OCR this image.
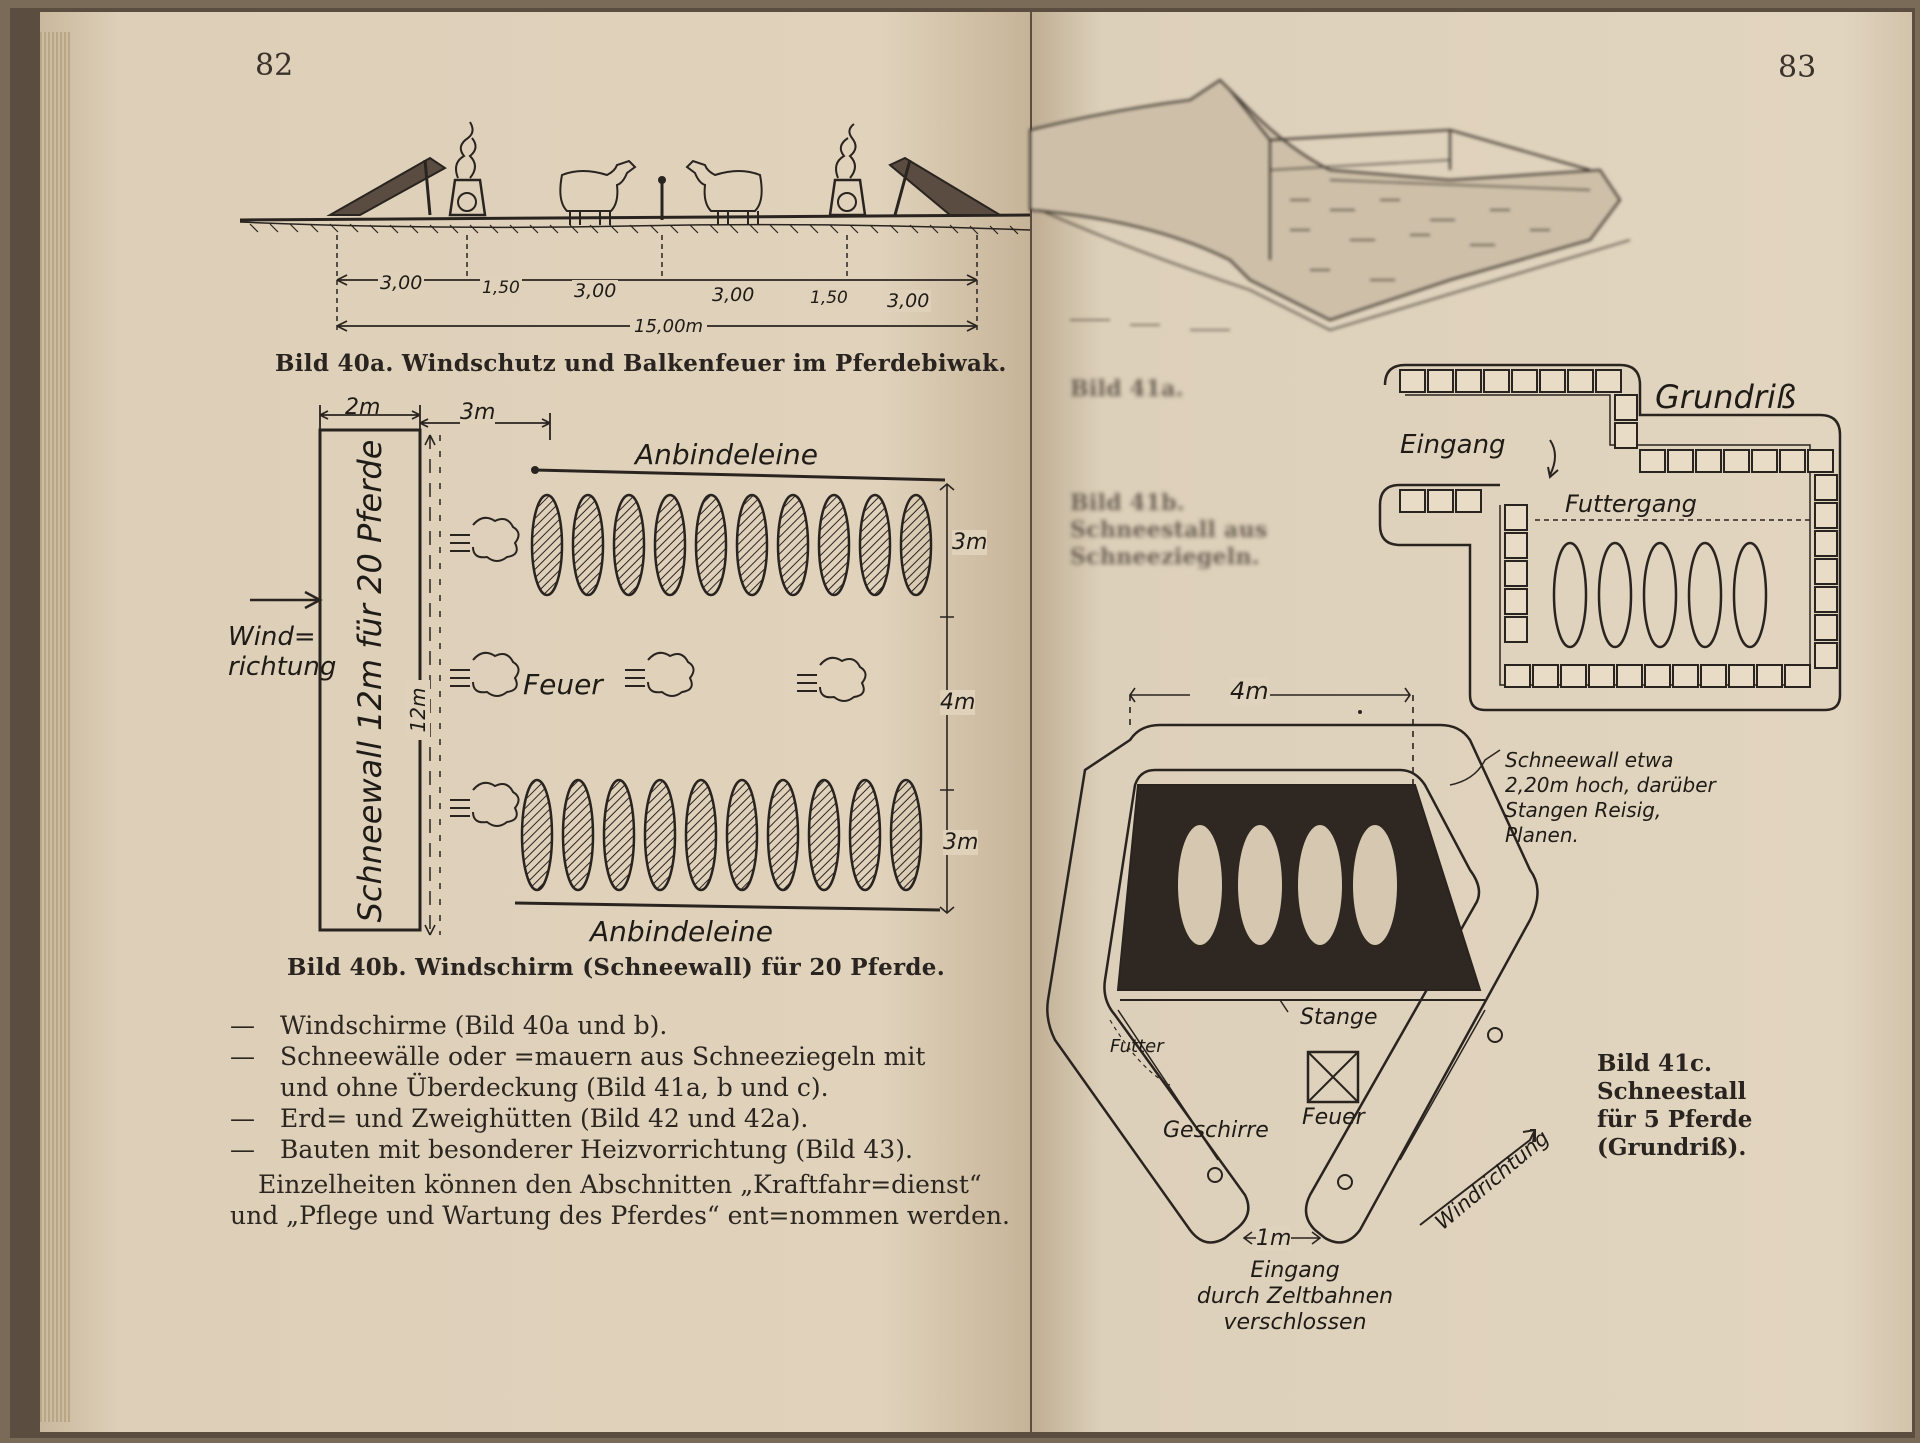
82
3,00	1,50	3,00	3,00	1,50 3,00
15,00m
Bild 40a. Windschutz und Balkenfeuer im Pferdebiwak.
2m	3m
Anbindeleine
Anbindeleine
Wind=
richtung Schneewall 12m für 20 Pferde 12m
Feuer
3m
4m
3m
Bild 40b. Windschirm (Schneewall) für 20 Pferde.
— Windschirme (Bild 40a und b).
— Schneewälle oder =mauern aus Schneeziegeln mit
und ohne Überdeckung (Bild 41a, b und c).
— Erd= und Zweighütten (Bild 42 und 42a).
— Bauten mit besonderer Heizvorrichtung (Bild 43).
Einzelheiten können den Abschnitten „Kraftfahr=dienst“ und „Pflege und Wartung des Pferdes“ ent=nommen werden.
83
Bild 41a.
Bild 41b.
Schneestall aus
Schneeziegeln.
Grundriß
Eingang
Futtergang
4m
Schneewall etwa
2,20m hoch, darüber
Stangen Reisig,
Planen.
Stange
Futter
Geschirre
Feuer
1m
Eingang
durch Zeltbahnen verschlossen
Windrichtung
Bild 41c.
Schneestall
für 5 Pferde
(Grundriß).
